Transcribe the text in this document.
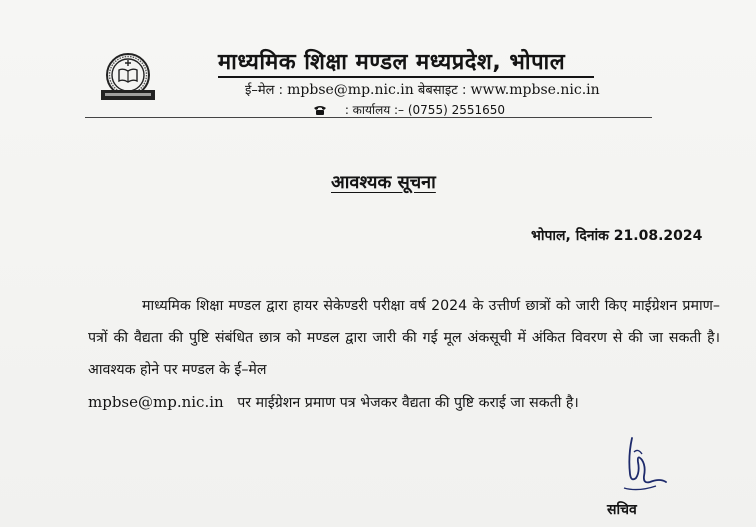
माध्यमिक शिक्षा मण्डल मध्यप्रदेश, भोपाल
ई–मेल : mpbse@mp.nic.in बेबसाइट : www.mpbse.nic.in
: कार्यालय :– (0755) 2551650
आवश्यक सूचना
भोपाल, दिनांक 21.08.2024
माध्यमिक शिक्षा मण्डल द्वारा हायर सेकेण्डरी परीक्षा वर्ष 2024 के उत्तीर्ण छात्रों को जारी किए माईग्रेशन प्रमाण–पत्रों की वैद्यता की पुष्टि संबंधित छात्र को मण्डल द्वारा जारी की गई मूल अंकसूची में अंकित विवरण से की जा सकती है। आवश्यक होने पर मण्डल के ई–मेल
mpbse@mp.nic.in पर माईग्रेशन प्रमाण पत्र भेजकर वैद्यता की पुष्टि कराई जा सकती है।
सचिव
